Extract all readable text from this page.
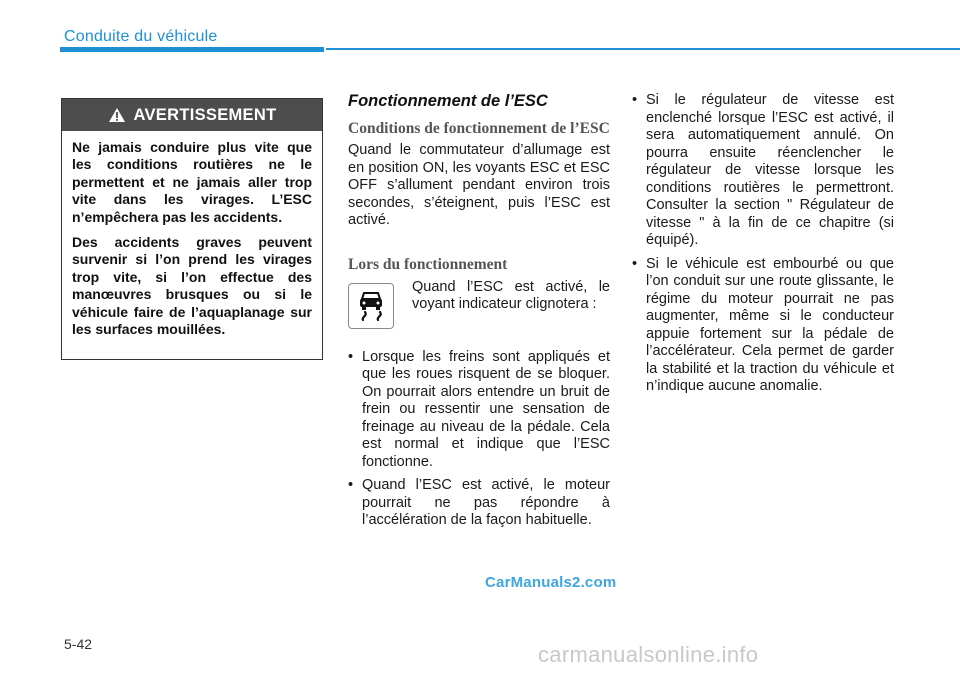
Conduite du véhicule
AVERTISSEMENT

Ne jamais conduire plus vite que les conditions routières ne le permettent et ne jamais aller trop vite dans les virages. L’ESC n’empêchera pas les accidents.

Des accidents graves peuvent survenir si l’on prend les virages trop vite, si l’on effectue des manœuvres brusques ou si le véhicule faire de l’aquaplanage sur les surfaces mouillées.

Fonctionnement de l’ESC
Conditions de fonctionnement de l’ESC
Quand le commutateur d’allumage est en position ON, les voyants ESC et ESC OFF s’allument pendant environ trois secondes, s’éteignent, puis l’ESC est activé.
Lors du fonctionnement
Quand l’ESC est activé, le voyant indicateur clignotera :
• Lorsque les freins sont appliqués et que les roues risquent de se bloquer. On pourrait alors entendre un bruit de frein ou ressentir une sensation de freinage au niveau de la pédale. Cela est normal et indique que l’ESC fonctionne.
• Quand l’ESC est activé, le moteur pourrait ne pas répondre à l’accélération de la façon habituelle.
• Si le régulateur de vitesse est enclenché lorsque l’ESC est activé, il sera automatiquement annulé. On pourra ensuite réenclencher le régulateur de vitesse lorsque les conditions routières le permettront. Consulter la section " Régulateur de vitesse " à la fin de ce chapitre (si équipé).
• Si le véhicule est embourbé ou que l’on conduit sur une route glissante, le régime du moteur pourrait ne pas augmenter, même si le conducteur appuie fortement sur la pédale de l’accélérateur. Cela permet de garder la stabilité et la traction du véhicule et n’indique aucune anomalie.
CarManuals2.com
5-42	carmanualsonline.info
